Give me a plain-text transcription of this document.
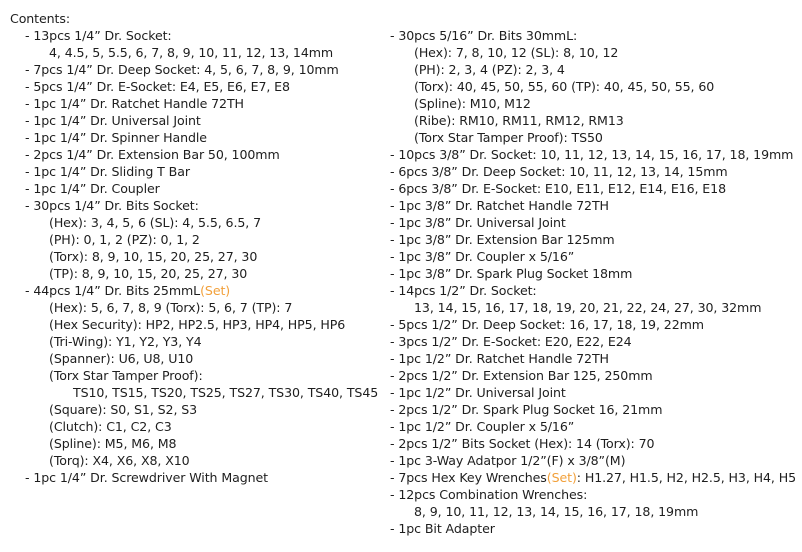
Contents:
- 13pcs 1/4” Dr. Socket:
4, 4.5, 5, 5.5, 6, 7, 8, 9, 10, 11, 12, 13, 14mm
- 7pcs 1/4” Dr. Deep Socket: 4, 5, 6, 7, 8, 9, 10mm
- 5pcs 1/4” Dr. E-Socket: E4, E5, E6, E7, E8
- 1pc 1/4” Dr. Ratchet Handle 72TH
- 1pc 1/4” Dr. Universal Joint
- 1pc 1/4” Dr. Spinner Handle
- 2pcs 1/4” Dr. Extension Bar 50, 100mm
- 1pc 1/4” Dr. Sliding T Bar
- 1pc 1/4” Dr. Coupler
- 30pcs 1/4” Dr. Bits Socket:
(Hex): 3, 4, 5, 6 (SL): 4, 5.5, 6.5, 7
(PH): 0, 1, 2 (PZ): 0, 1, 2
(Torx): 8, 9, 10, 15, 20, 25, 27, 30
(TP): 8, 9, 10, 15, 20, 25, 27, 30
- 44pcs 1/4” Dr. Bits 25mmL(Set)
(Hex): 5, 6, 7, 8, 9 (Torx): 5, 6, 7 (TP): 7
(Hex Security): HP2, HP2.5, HP3, HP4, HP5, HP6
(Tri-Wing): Y1, Y2, Y3, Y4
(Spanner): U6, U8, U10
(Torx Star Tamper Proof):
TS10, TS15, TS20, TS25, TS27, TS30, TS40, TS45
(Square): S0, S1, S2, S3
(Clutch): C1, C2, C3
(Spline): M5, M6, M8
(Torq): X4, X6, X8, X10
- 1pc 1/4” Dr. Screwdriver With Magnet
- 30pcs 5/16” Dr. Bits 30mmL:
(Hex): 7, 8, 10, 12 (SL): 8, 10, 12
(PH): 2, 3, 4 (PZ): 2, 3, 4
(Torx): 40, 45, 50, 55, 60 (TP): 40, 45, 50, 55, 60
(Spline): M10, M12
(Ribe): RM10, RM11, RM12, RM13
(Torx Star Tamper Proof): TS50
- 10pcs 3/8” Dr. Socket: 10, 11, 12, 13, 14, 15, 16, 17, 18, 19mm
- 6pcs 3/8” Dr. Deep Socket: 10, 11, 12, 13, 14, 15mm
- 6pcs 3/8” Dr. E-Socket: E10, E11, E12, E14, E16, E18
- 1pc 3/8” Dr. Ratchet Handle 72TH
- 1pc 3/8” Dr. Universal Joint
- 1pc 3/8” Dr. Extension Bar 125mm
- 1pc 3/8” Dr. Coupler x 5/16”
- 1pc 3/8” Dr. Spark Plug Socket 18mm
- 14pcs 1/2” Dr. Socket:
13, 14, 15, 16, 17, 18, 19, 20, 21, 22, 24, 27, 30, 32mm
- 5pcs 1/2” Dr. Deep Socket: 16, 17, 18, 19, 22mm
- 3pcs 1/2” Dr. E-Socket: E20, E22, E24
- 1pc 1/2” Dr. Ratchet Handle 72TH
- 2pcs 1/2” Dr. Extension Bar 125, 250mm
- 1pc 1/2” Dr. Universal Joint
- 2pcs 1/2” Dr. Spark Plug Socket 16, 21mm
- 1pc 1/2” Dr. Coupler x 5/16”
- 2pcs 1/2” Bits Socket (Hex): 14 (Torx): 70
- 1pc 3-Way Adatpor 1/2”(F) x 3/8”(M)
- 7pcs Hex Key Wrenches(Set): H1.27, H1.5, H2, H2.5, H3, H4, H5
- 12pcs Combination Wrenches:
8, 9, 10, 11, 12, 13, 14, 15, 16, 17, 18, 19mm
- 1pc Bit Adapter
